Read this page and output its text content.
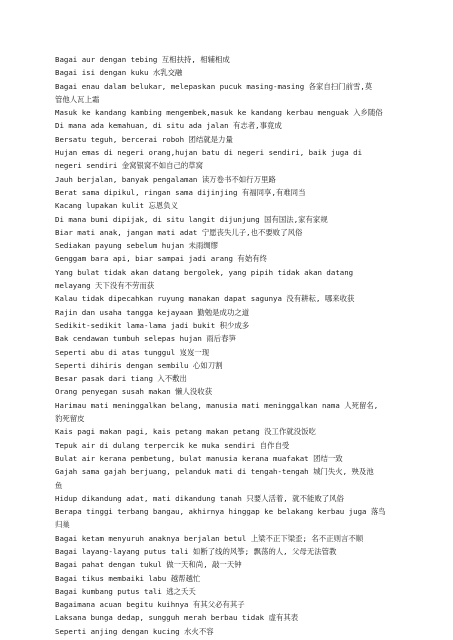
Bagai aur dengan tebing 互相扶持, 相辅相成
Bagai isi dengan kuku 水乳交融
Bagai enau dalam belukar, melepaskan pucuk masing-masing 各家自扫门前雪,莫
管他人瓦上霜
Masuk ke kandang kambing mengembek,masuk ke kandang kerbau menguak 入乡随俗
Di mana ada kemahuan, di situ ada jalan 有志者,事竟成
Bersatu teguh, bercerai roboh 团结就是力量
Hujan emas di negeri orang,hujan batu di negeri sendiri, baik juga di
negeri sendiri 金窝银窝不如自己的草窝
Jauh berjalan, banyak pengalaman 读万卷书不如行万里路
Berat sama dipikul, ringan sama dijinjing 有福同享,有难同当
Kacang lupakan kulit 忘恩负义
Di mana bumi dipijak, di situ langit dijunjung 国有国法,家有家规
Biar mati anak, jangan mati adat 宁愿丧失儿子,也不要败了风俗
Sediakan payung sebelum hujan 未雨绸缪
Genggam bara api, biar sampai jadi arang 有始有终
Yang bulat tidak akan datang bergolek, yang pipih tidak akan datang
melayang 天下没有不劳而获
Kalau tidak dipecahkan ruyung manakan dapat sagunya 没有耕耘, 哪来收获
Rajin dan usaha tangga kejayaan 勤勉是成功之道
Sedikit-sedikit lama-lama jadi bukit 积少成多
Bak cendawan tumbuh selepas hujan 雨后春笋
Seperti abu di atas tunggul 岌岌一现
Seperti dihiris dengan sembilu 心如刀割
Besar pasak dari tiang 入不敷出
Orang penyegan susah makan 懒人没收获
Harimau mati meninggalkan belang, manusia mati meninggalkan nama 人死留名,
豹死留皮
Kais pagi makan pagi, kais petang makan petang 没工作就没饭吃
Tepuk air di dulang terpercik ke muka sendiri 自作自受
Bulat air kerana pembetung, bulat manusia kerana muafakat 团结一致
Gajah sama gajah berjuang, pelanduk mati di tengah-tengah 城门失火, 殃及池
鱼
Hidup dikandung adat, mati dikandung tanah 只要人活着, 就不能败了风俗
Berapa tinggi terbang bangau, akhirnya hinggap ke belakang kerbau juga 落鸟
归巢
Bagai ketam menyuruh anaknya berjalan betul 上梁不正下梁歪; 名不正则言不顺
Bagai layang-layang putus tali 如断了线的风筝; 飘荡的人, 父母无法管教
Bagai pahat dengan tukul 做一天和尚, 敲一天钟
Bagai tikus membaiki labu 越帮越忙
Bagai kumbang putus tali 逃之夭夭
Bagaimana acuan begitu kuihnya 有其父必有其子
Laksana bunga dedap, sungguh merah berbau tidak 虚有其表
Seperti anjing dengan kucing 水火不容
